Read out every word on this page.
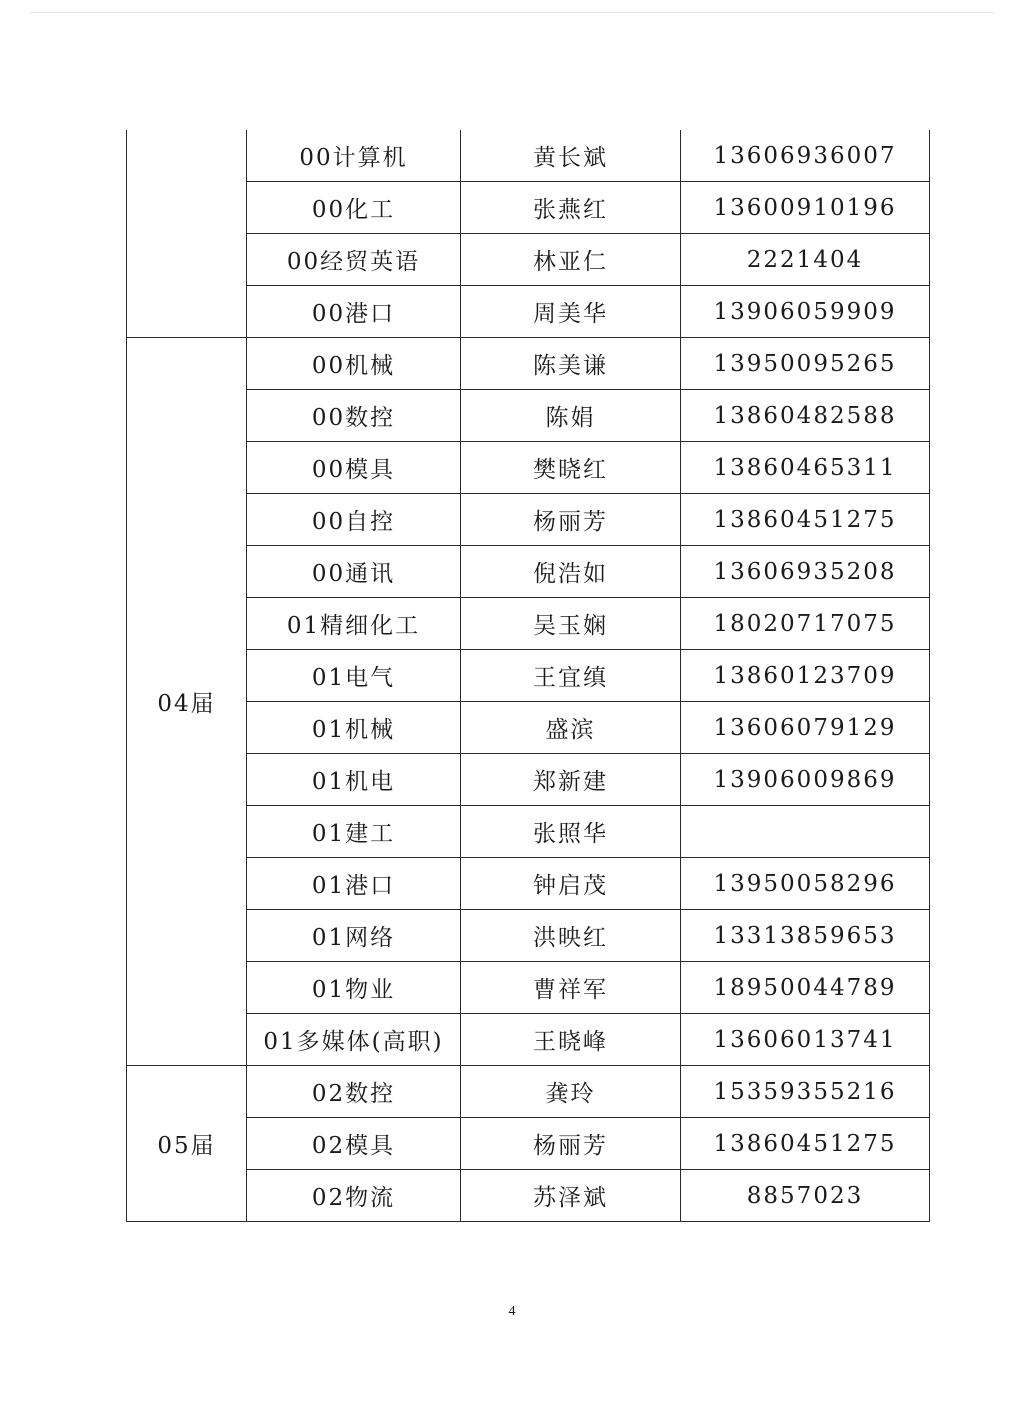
	00计算机	黄长斌	13606936007
	00化工	张燕红	13600910196
	00经贸英语	林亚仁	2221404
	00港口	周美华	13906059909
04届	00机械	陈美谦	13950095265
	00数控	陈娟	13860482588
	00模具	樊晓红	13860465311
	00自控	杨丽芳	13860451275
	00通讯	倪浩如	13606935208
	01精细化工	吴玉娴	18020717075
	01电气	王宜缜	13860123709
	01机械	盛滨	13606079129
	01机电	郑新建	13906009869
	01建工	张照华	
	01港口	钟启茂	13950058296
	01网络	洪映红	13313859653
	01物业	曹祥军	18950044789
	01多媒体(高职)	王晓峰	13606013741
05届	02数控	龚玲	15359355216
	02模具	杨丽芳	13860451275
	02物流	苏泽斌	8857023
4
